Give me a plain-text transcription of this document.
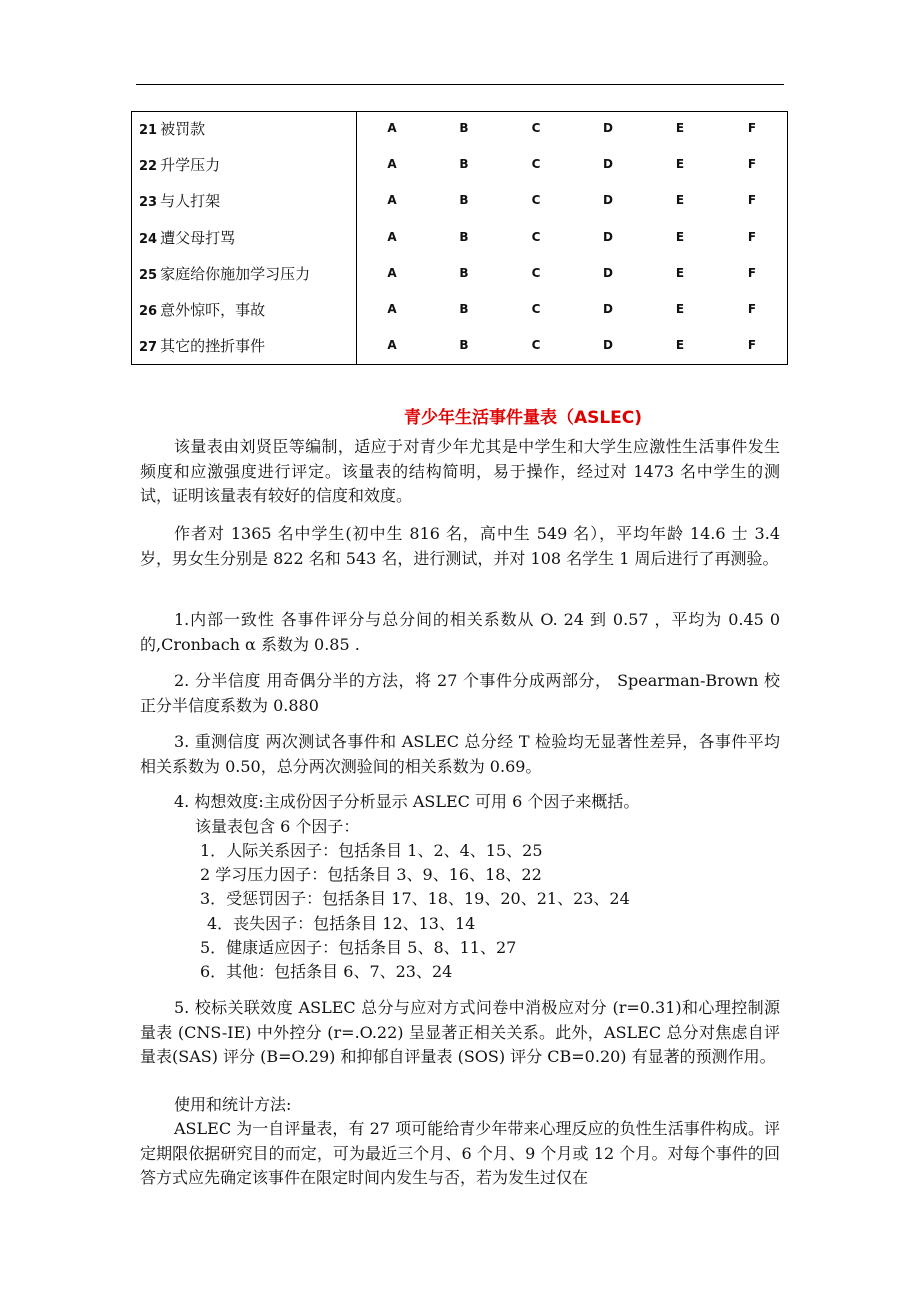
21 被罚款	A	B	C	D	E	F
22 升学压力	A	B	C	D	E	F
23 与人打架	A	B	C	D	E	F
24 遭父母打骂	A	B	C	D	E	F
25 家庭给你施加学习压力	A	B	C	D	E	F
26 意外惊吓，事故	A	B	C	D	E	F
27 其它的挫折事件	A	B	C	D	E	F
青少年生活事件量表（ASLEC)

该量表由刘贤臣等编制，适应于对青少年尤其是中学生和大学生应激性生活事件发生频度和应激强度进行评定。该量表的结构简明，易于操作，经过对 1473 名中学生的测试，证明该量表有较好的信度和效度。

作者对 1365 名中学生(初中生 816 名，高中生 549 名），平均年龄 14.6 士 3.4 岁，男女生分别是 822 名和 543 名，进行测试，并对 108 名学生 1 周后进行了再测验。

1.内部一致性 各事件评分与总分间的相关系数从 O. 24 到 0.57 ，平均为 0.45 0 的,Cronbach α 系数为 0.85 .

2. 分半信度 用奇偶分半的方法，将 27 个事件分成两部分， Spearman-Brown 校正分半信度系数为 0.880

3. 重测信度 两次测试各事件和 ASLEC 总分经 T 检验均无显著性差异，各事件平均相关系数为 0.50，总分两次测验间的相关系数为 0.69。

4. 构想效度:主成份因子分析显示 ASLEC 可用 6 个因子来概括。

该量表包含 6 个因子：
1．人际关系因子：包括条目 1、2、4、15、25
2 学习压力因子：包括条目 3、9、16、18、22
3．受惩罚因子：包括条目 17、18、19、20、21、23、24
4．丧失因子：包括条目 12、13、14
5．健康适应因子：包括条目 5、8、11、27
6．其他：包括条目 6、7、23、24

5. 校标关联效度 ASLEC 总分与应对方式问卷中消极应对分 (r=0.31)和心理控制源量表 (CNS-IE) 中外控分 (r=.O.22) 呈显著正相关关系。此外，ASLEC 总分对焦虑自评量表(SAS) 评分 (B=O.29) 和抑郁自评量表 (SOS) 评分 CB=0.20) 有显著的预测作用。

使用和统计方法:

ASLEC 为一自评量表，有 27 项可能给青少年带来心理反应的负性生活事件构成。评定期限依据研究目的而定，可为最近三个月、6 个月、9 个月或 12 个月。对每个事件的回答方式应先确定该事件在限定时间内发生与否，若为发生过仅在
